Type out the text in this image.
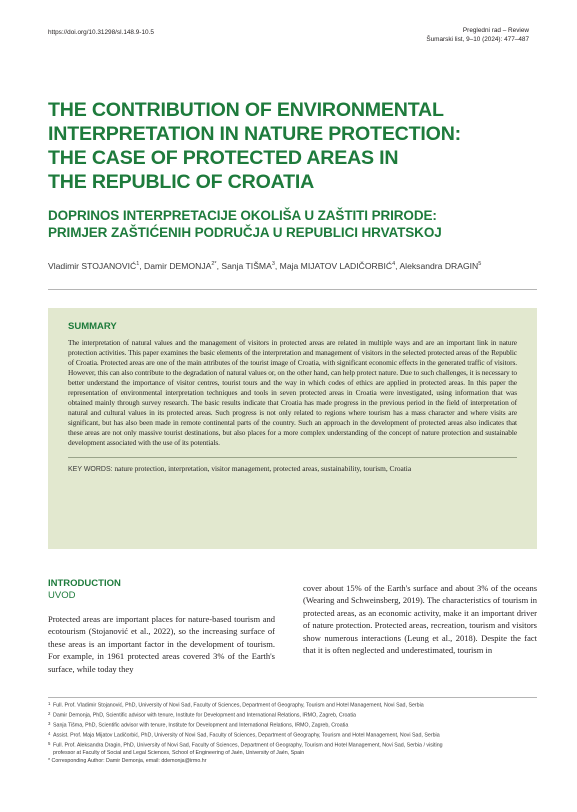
https://doi.org/10.31298/sl.148.9-10.5	Pregledni rad – Review
Šumarski list, 9–10 (2024): 477–487
THE CONTRIBUTION OF ENVIRONMENTAL
INTERPRETATION IN NATURE PROTECTION:
THE CASE OF PROTECTED AREAS IN
THE REPUBLIC OF CROATIA
DOPRINOS INTERPRETACIJE OKOLIŠA U ZAŠTITI PRIRODE:
PRIMJER ZAŠTIĆENIH PODRUČJA U REPUBLICI HRVATSKOJ
Vladimir STOJANOVIĆ$^1$, Damir $DEMONJA^{2*}$, Sanja TIŠMA$^3$, Maja MIJATOV LADIČORBIĆ$^4$, Aleksandra DRAGIN$^5$
SUMMARY

The interpretation of natural values and the management of visitors in protected areas are related in multiple ways and are an important link in nature protection activities. This paper examines the basic elements of the interpretation and management of visitors in the selected protected areas of the Republic of Croatia. Protected areas are one of the main attributes of the tourist image of Croatia, with significant economic effects in the generated traffic of visitors. However, this can also contribute to the degradation of natural values or, on the other hand, can help protect nature. Due to such challenges, it is necessary to better understand the importance of visitor centres, tourist tours and the way in which codes of ethics are applied in protected areas. In this paper the representation of environmental interpretation techniques and tools in seven protected areas in Croatia were investigated, using information that was obtained mainly through survey research. The basic results indicate that Croatia has made progress in the previous period in the field of interpretation of natural and cultural values in its protected areas. Such progress is not only related to regions where tourism has a mass character and where visits are significant, but has also been made in remote continental parts of the country. Such an approach in the development of protected areas also indicates that these areas are not only massive tourist destinations, but also places for a more complex understanding of the concept of nature protection and sustainable development associated with the use of its potentials.

KEY WORDS: nature protection, interpretation, visitor management, protected areas, sustainability, tourism, Croatia
INTRODUCTION
UVOD

Protected areas are important places for nature-based tourism and ecotourism (Stojanović et al., 2022), so the increasing surface of these areas is an important factor in the development of tourism. For example, in 1961 protected areas covered 3% of the Earth's surface, while today they

cover about 15% of the Earth's surface and about 3% of the oceans (Wearing and Schweinsberg, 2019). The characteristics of tourism in protected areas, as an economic activity, make it an important driver of nature protection. Protected areas, recreation, tourism and visitors show numerous interactions (Leung et al., 2018). Despite the fact that it is often neglected and underestimated, tourism in

1 Full. Prof. Vladimir Stojanović, PhD, University of Novi Sad, Faculty of Sciences, Department of Geography, Tourism and Hotel Management, Novi Sad, Serbia
2 Damir Demonja, PhD, Scientific advisor with tenure, Institute for Development and International Relations, IRMO, Zagreb, Croatia
3 Sanja Tišma, PhD, Scientific advisor with tenure, Institute for Development and International Relations, IRMO, Zagreb, Croatia
4 Assist. Prof. Maja Mijatov Ladičorbić, PhD, University of Novi Sad, Faculty of Sciences, Department of Geography, Tourism and Hotel Management, Novi Sad, Serbia
5 Full. Prof. Aleksandra Dragin, PhD, University of Novi Sad, Faculty of Sciences, Department of Geography, Tourism and Hotel Management, Novi Sad, Serbia / visiting
professor at Faculty of Social and Legal Sciences, School of Engineering of Jaén, University of Jaén, Spain
* Corresponding Author: Damir Demonja, email: ddemonja@irmo.hr
